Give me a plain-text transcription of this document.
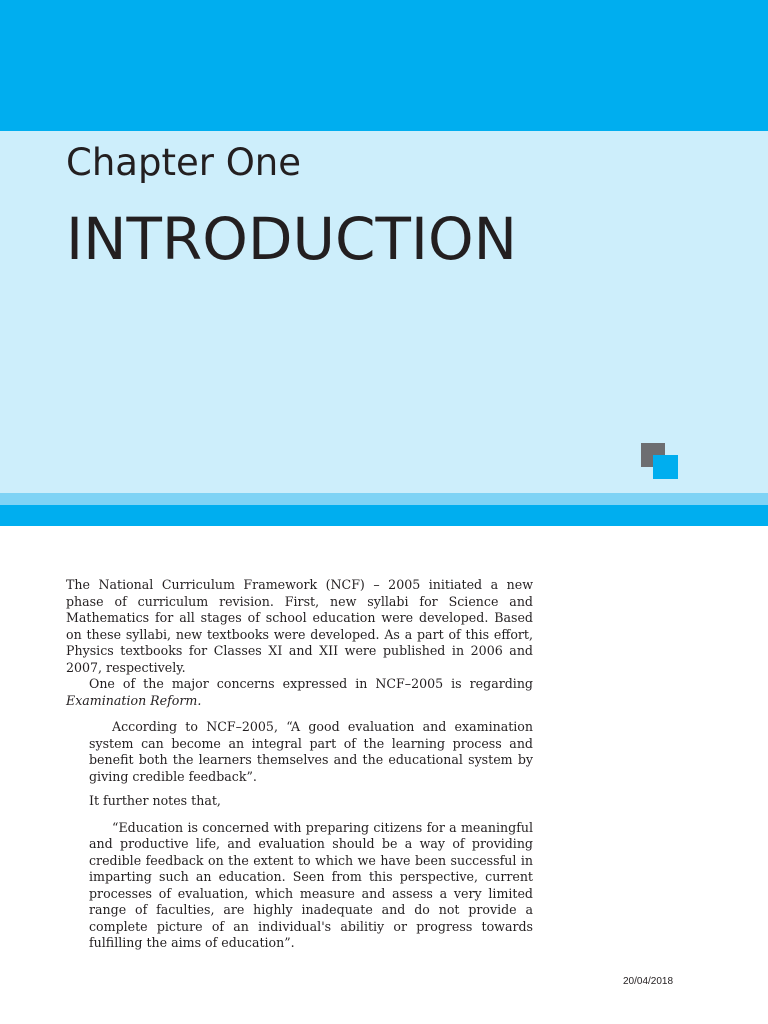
Chapter One
INTRODUCTION

The National Curriculum Framework (NCF) – 2005 initiated a new phase of curriculum revision. First, new syllabi for Science and Mathematics for all stages of school education were developed. Based on these syllabi, new textbooks were developed. As a part of this effort, Physics textbooks for Classes XI and XII were published in 2006 and 2007, respectively.

One of the major concerns expressed in NCF–2005 is regarding Examination Reform.

According to NCF–2005, “A good evaluation and examination system can become an integral part of the learning process and benefit both the learners themselves and the educational system by giving credible feedback”.

It further notes that,

“Education is concerned with preparing citizens for a meaningful and productive life, and evaluation should be a way of providing credible feedback on the extent to which we have been successful in imparting such an education. Seen from this perspective, current processes of evaluation, which measure and assess a very limited range of faculties, are highly inadequate and do not provide a complete picture of an individual's abilitiy or progress towards fulfilling the aims of education”.

20/04/2018
